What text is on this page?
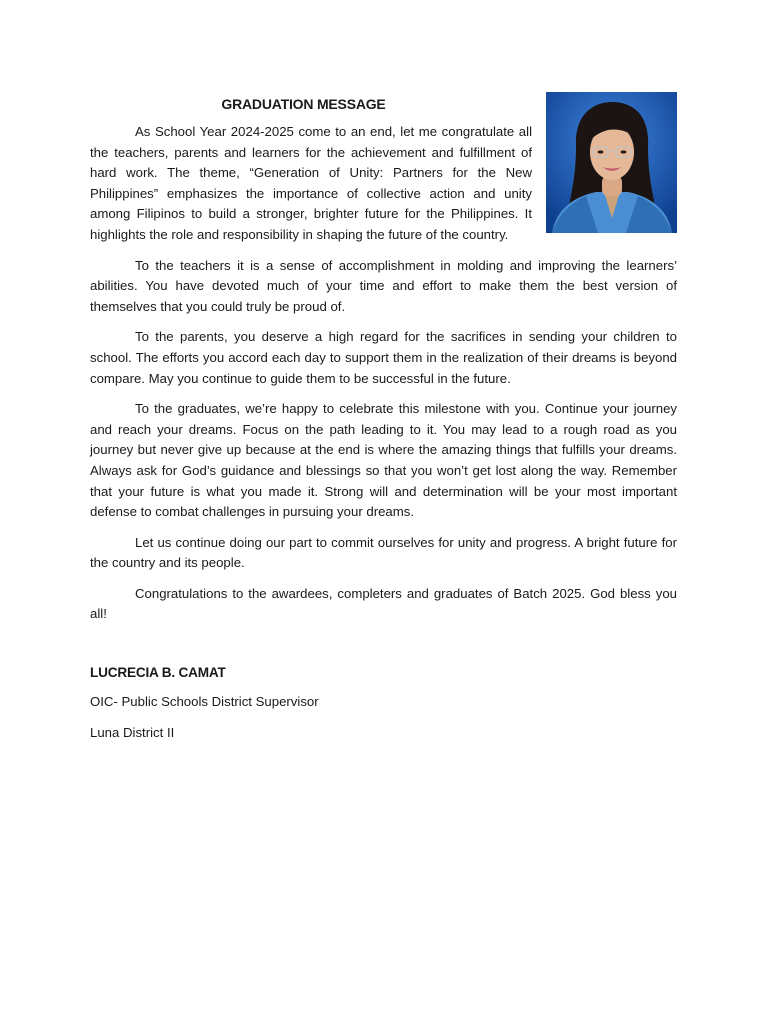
GRADUATION MESSAGE

As School Year 2024-2025 come to an end, let me congratulate all the teachers, parents and learners for the achievement and fulfillment of hard work. The theme, “Generation of Unity: Partners for the New Philippines” emphasizes the importance of collective action and unity among Filipinos to build a stronger, brighter future for the Philippines. It highlights the role and responsibility in shaping the future of the country.

To the teachers it is a sense of accomplishment in molding and improving the learners’ abilities. You have devoted much of your time and effort to make them the best version of themselves that you could truly be proud of.

To the parents, you deserve a high regard for the sacrifices in sending your children to school. The efforts you accord each day to support them in the realization of their dreams is beyond compare. May you continue to guide them to be successful in the future.

To the graduates, we’re happy to celebrate this milestone with you. Continue your journey and reach your dreams. Focus on the path leading to it. You may lead to a rough road as you journey but never give up because at the end is where the amazing things that fulfills your dreams. Always ask for God’s guidance and blessings so that you won’t get lost along the way. Remember that your future is what you made it. Strong will and determination will be your most important defense to combat challenges in pursuing your dreams.

Let us continue doing our part to commit ourselves for unity and progress. A bright future for the country and its people.

Congratulations to the awardees, completers and graduates of Batch 2025. God bless you all!

LUCRECIA B. CAMAT
OIC- Public Schools District Supervisor
Luna District II
